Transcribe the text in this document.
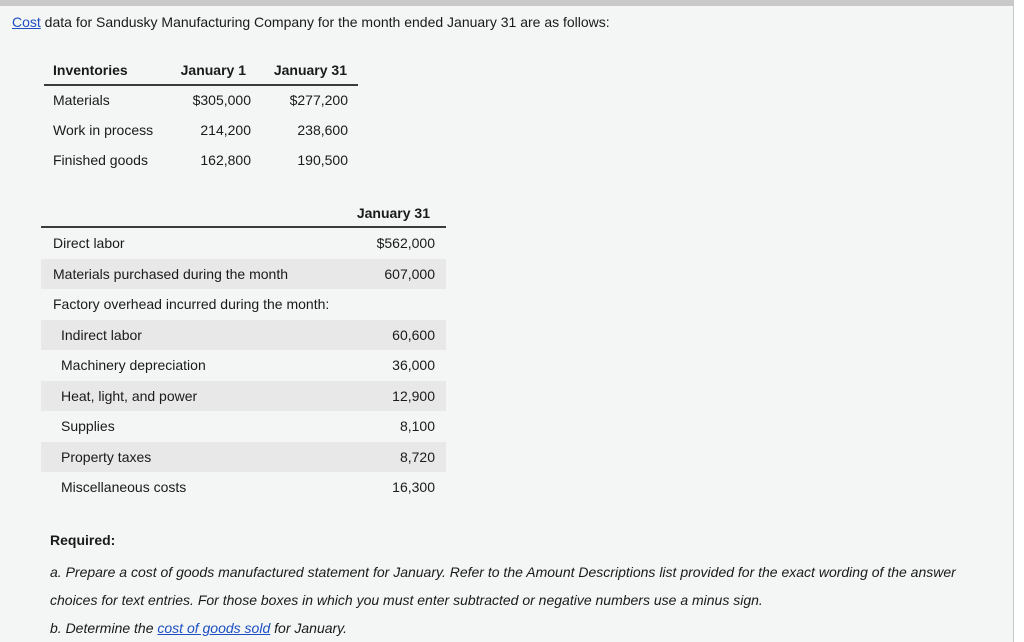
Cost data for Sandusky Manufacturing Company for the month ended January 31 are as follows:
Inventories	January 1 January 31
Materials	$305,000	$277,200
Work in process	214,200	238,600
Finished goods	162,800	190,500
January 31
Direct labor	$562,000
Materials purchased during the month	607,000
Factory overhead incurred during the month:
Indirect labor	60,600
Machinery depreciation	36,000
Heat, light, and power	12,900
Supplies	8,100
Property taxes	8,720
Miscellaneous costs	16,300

Required:

a. Prepare a cost of goods manufactured statement for January. Refer to the Amount Descriptions list provided for the exact wording of the answer choices for text entries. For those boxes in which you must enter subtracted or negative numbers use a minus sign.

b. Determine the cost of goods sold for January.
